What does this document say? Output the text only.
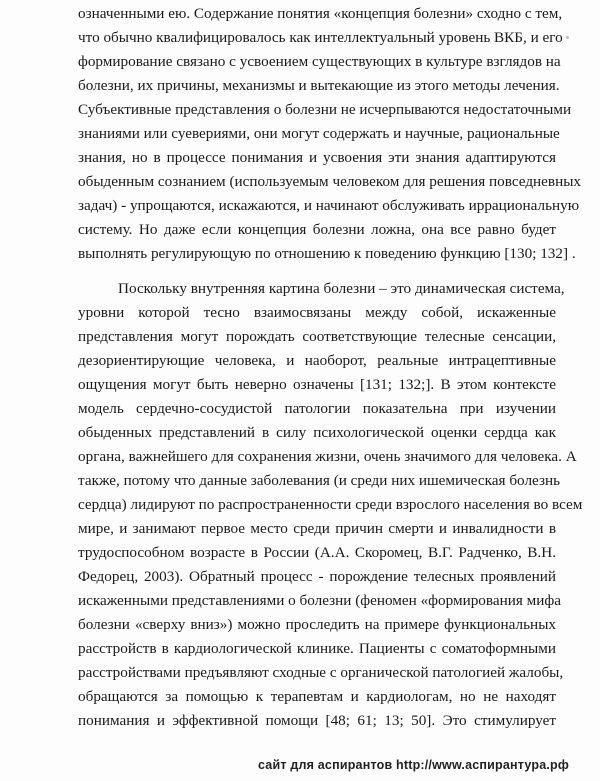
означенными ею. Содержание понятия «концепция болезни» сходно с тем,
что обычно квалифицировалось как интеллектуальный уровень ВКБ, и его
формирование связано с усвоением существующих в культуре взглядов на
болезни, их причины, механизмы и вытекающие из этого методы лечения.
Субъективные представления о болезни не исчерпываются недостаточными
знаниями или суевериями, они могут содержать и научные, рациональные
знания, но в процессе понимания и усвоения эти знания адаптируются
обыденным сознанием (используемым человеком для решения повседневных
задач) - упрощаются, искажаются, и начинают обслуживать иррациональную
систему. Но даже если концепция болезни ложна, она все равно будет
выполнять регулирующую по отношению к поведению функцию [130; 132] .
Поскольку внутренняя картина болезни – это динамическая система,
уровни которой тесно взаимосвязаны между собой, искаженные
представления могут порождать соответствующие телесные сенсации,
дезориентирующие человека, и наоборот, реальные интрацептивные
ощущения могут быть неверно означены [131; 132;]. В этом контексте
модель сердечно-сосудистой патологии показательна при изучении
обыденных представлений в силу психологической оценки сердца как
органа, важнейшего для сохранения жизни, очень значимого для человека. А
также, потому что данные заболевания (и среди них ишемическая болезнь
сердца) лидируют по распространенности среди взрослого населения во всем
мире, и занимают первое место среди причин смерти и инвалидности в
трудоспособном возрасте в России (А.А. Скоромец, В.Г. Радченко, В.Н.
Федорец, 2003). Обратный процесс - порождение телесных проявлений
искаженными представлениями о болезни (феномен «формирования мифа
болезни «сверху вниз») можно проследить на примере функциональных
расстройств в кардиологической клинике. Пациенты с соматоформными
расстройствами предъявляют сходные с органической патологией жалобы,
обращаются за помощью к терапевтам и кардиологам, но не находят
понимания и эффективной помощи [48; 61; 13; 50]. Это стимулирует
сайт для аспирантов http://www.аспирантура.рф
